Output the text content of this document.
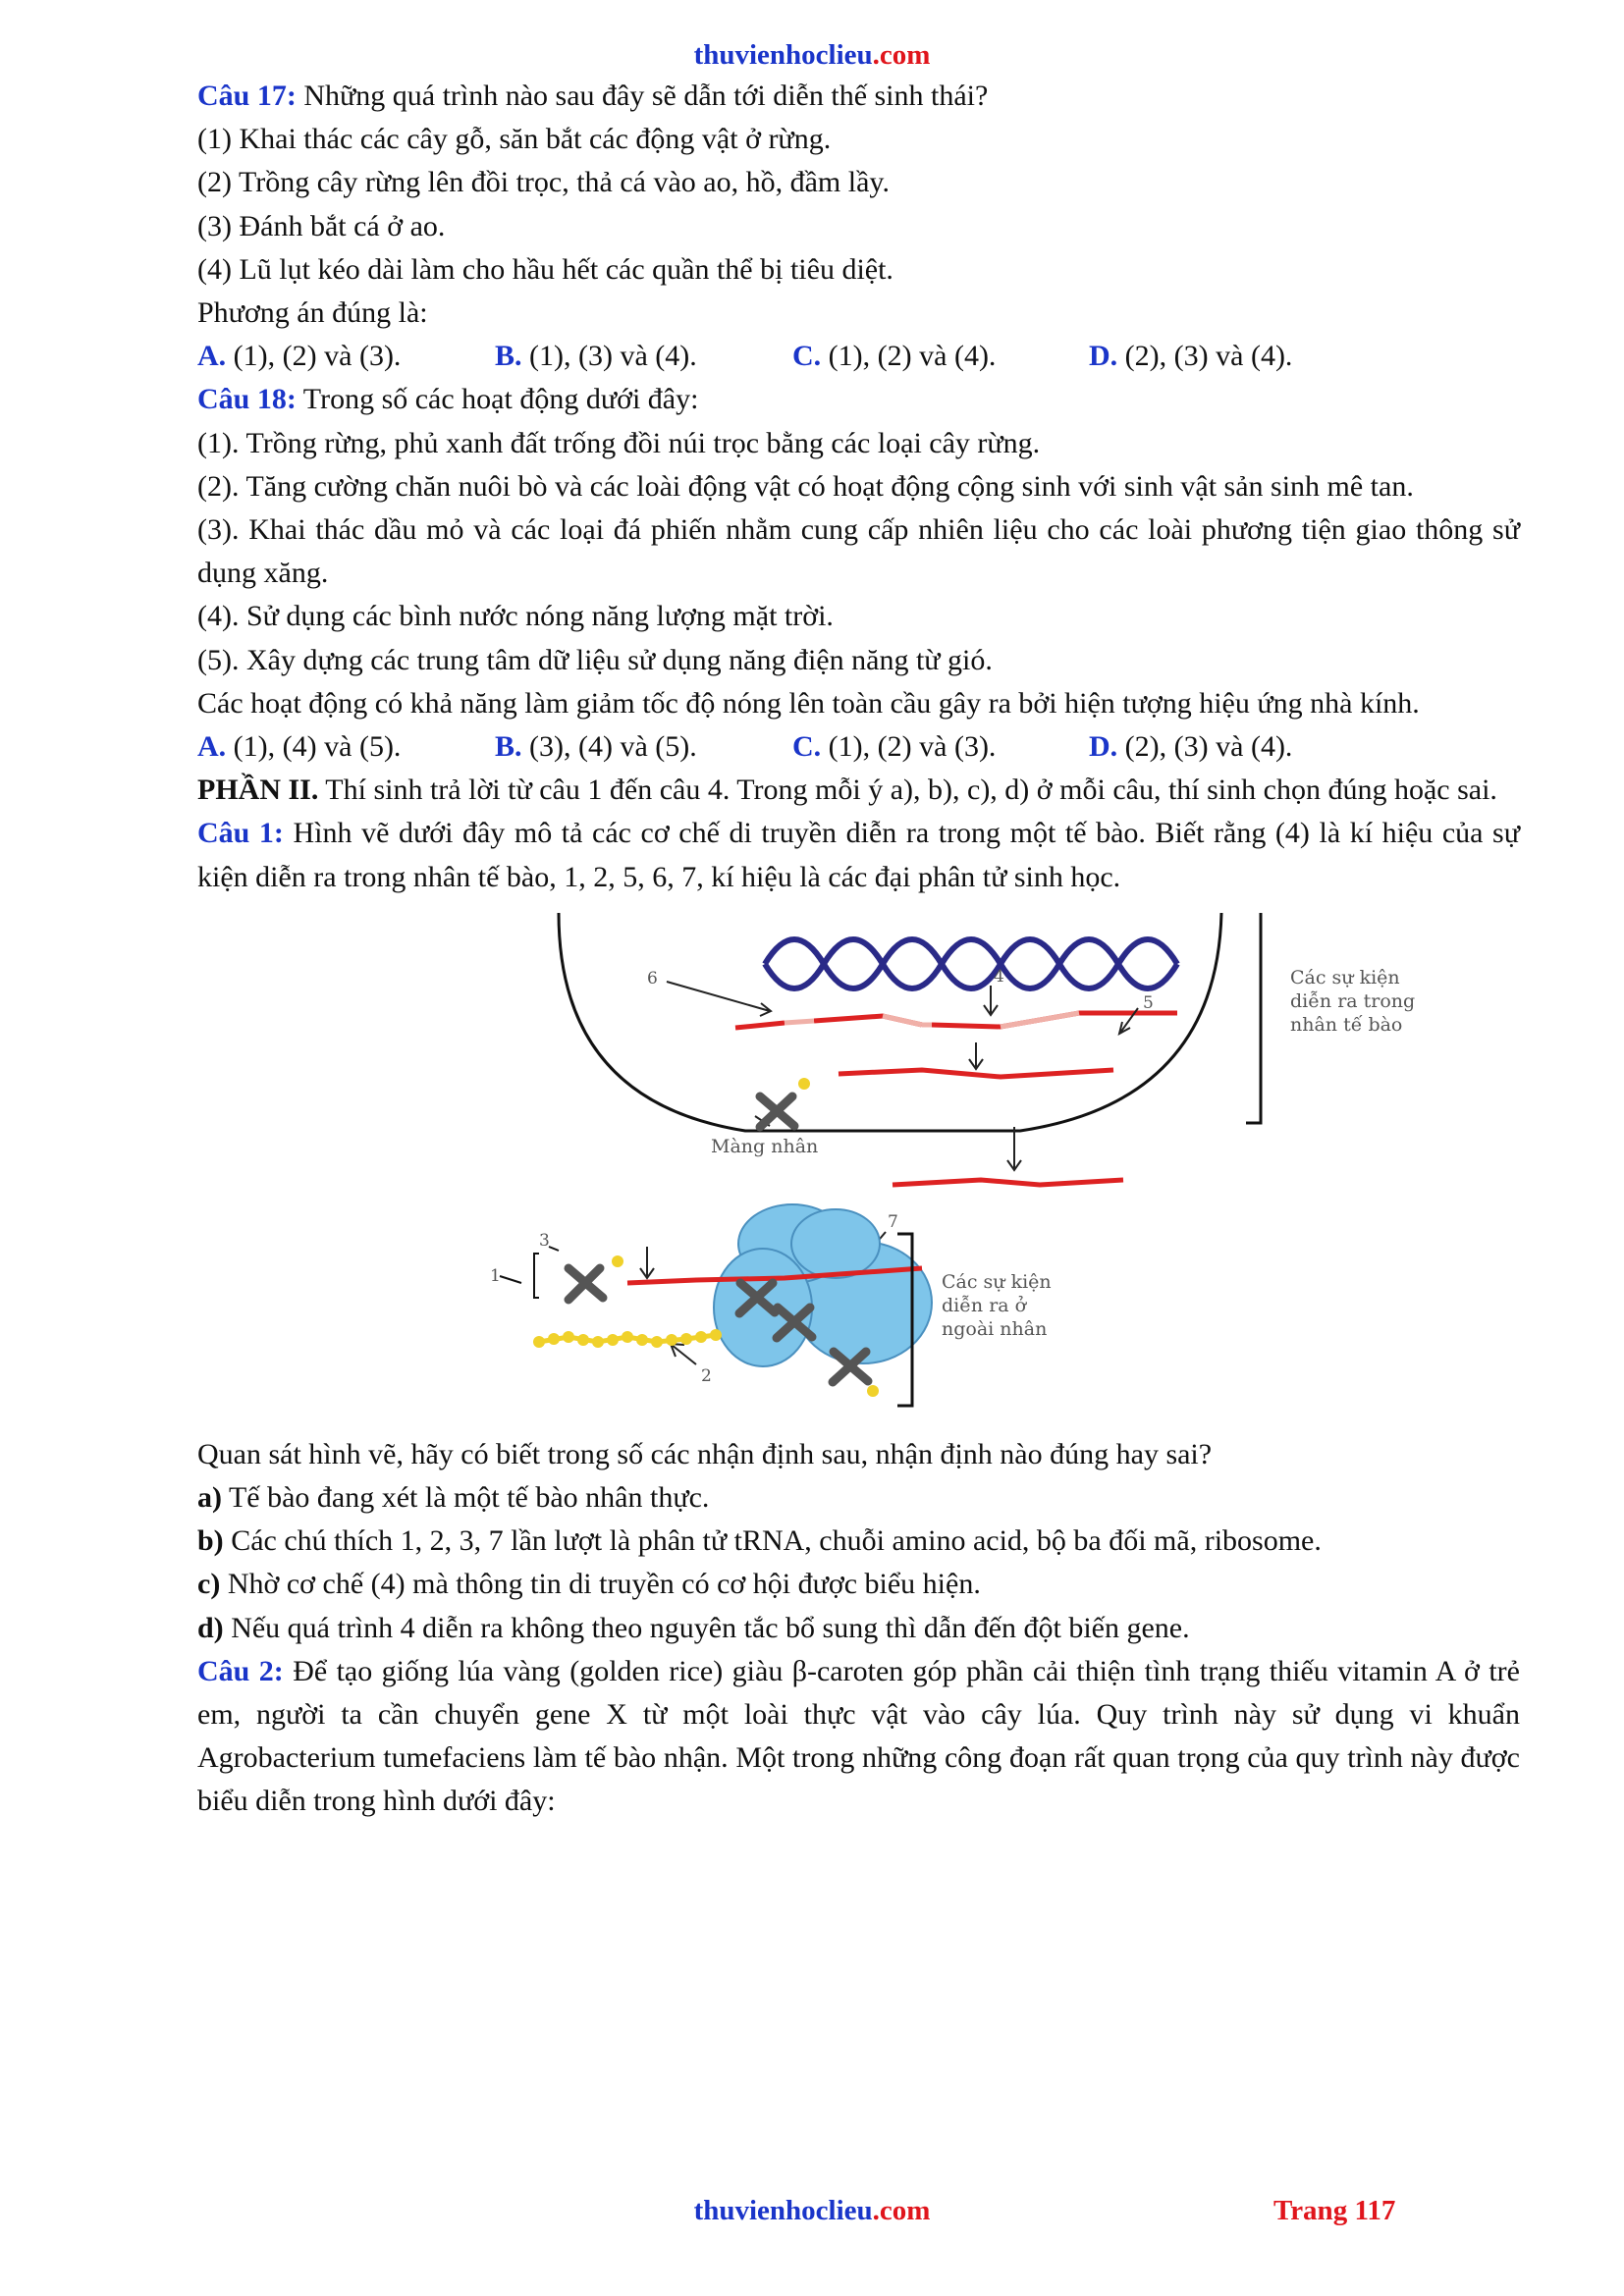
thuvienhoclieu.com

Câu 17: Những quá trình nào sau đây sẽ dẫn tới diễn thế sinh thái?

(1) Khai thác các cây gỗ, săn bắt các động vật ở rừng.

(2) Trồng cây rừng lên đồi trọc, thả cá vào ao, hồ, đầm lầy.

(3) Đánh bắt cá ở ao.

(4) Lũ lụt kéo dài làm cho hầu hết các quần thể bị tiêu diệt.

Phương án đúng là:

A. (1), (2) và (3).	B. (1), (3) và (4).	C. (1), (2) và (4).	D. (2), (3) và (4).

Câu 18: Trong số các hoạt động dưới đây:

(1). Trồng rừng, phủ xanh đất trống đồi núi trọc bằng các loại cây rừng.

(2). Tăng cường chăn nuôi bò và các loài động vật có hoạt động cộng sinh với sinh vật sản sinh mê tan.

(3). Khai thác dầu mỏ và các loại đá phiến nhằm cung cấp nhiên liệu cho các loài phương tiện giao thông sử dụng xăng.

(4). Sử dụng các bình nước nóng năng lượng mặt trời.

(5). Xây dựng các trung tâm dữ liệu sử dụng năng điện năng từ gió.

Các hoạt động có khả năng làm giảm tốc độ nóng lên toàn cầu gây ra bởi hiện tượng hiệu ứng nhà kính.

A. (1), (4) và (5).	B. (3), (4) và (5).	C. (1), (2) và (3).	D. (2), (3) và (4).

PHẦN II. Thí sinh trả lời từ câu 1 đến câu 4. Trong mỗi ý a), b), c), d) ở mỗi câu, thí sinh chọn đúng hoặc sai.

Câu 1: Hình vẽ dưới đây mô tả các cơ chế di truyền diễn ra trong một tế bào. Biết rằng (4) là kí hiệu của sự kiện diễn ra trong nhân tế bào, 1, 2, 5, 6, 7, kí hiệu là các đại phân tử sinh học.

Các sự kiện
diễn ra trong
nhân tế bào
Các sự kiện
diễn ra ở
ngoài nhân
Màng nhân
6	4
5
7
1
3
2

Quan sát hình vẽ, hãy có biết trong số các nhận định sau, nhận định nào đúng hay sai?

a) Tế bào đang xét là một tế bào nhân thực.

b) Các chú thích 1, 2, 3, 7 lần lượt là phân tử tRNA, chuỗi amino acid, bộ ba đối mã, ribosome.

c) Nhờ cơ chế (4) mà thông tin di truyền có cơ hội được biểu hiện.

d) Nếu quá trình 4 diễn ra không theo nguyên tắc bổ sung thì dẫn đến đột biến gene.

Câu 2: Để tạo giống lúa vàng (golden rice) giàu β-caroten góp phần cải thiện tình trạng thiếu vitamin A ở trẻ em, người ta cần chuyển gene X từ một loài thực vật vào cây lúa. Quy trình này sử dụng vi khuẩn Agrobacterium tumefaciens làm tế bào nhận. Một trong những công đoạn rất quan trọng của quy trình này được biểu diễn trong hình dưới đây:

thuvienhoclieu.com	Trang 117
